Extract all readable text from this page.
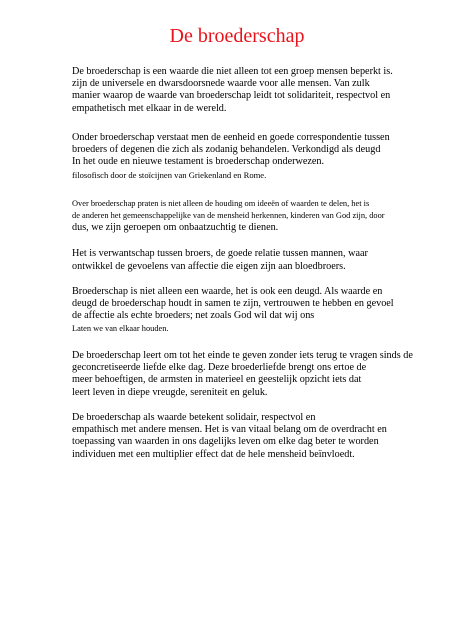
De broederschap
De broederschap is een waarde die niet alleen tot een groep mensen beperkt is.
zijn de universele en dwarsdoorsnede waarde voor alle mensen. Van zulk
manier waarop de waarde van broederschap leidt tot solidariteit, respectvol en
empathetisch met elkaar in de wereld.
Onder broederschap verstaat men de eenheid en goede correspondentie tussen
broeders of degenen die zich als zodanig behandelen. Verkondigd als deugd
In het oude en nieuwe testament is broederschap onderwezen.
filosofisch door de stoïcijnen van Griekenland en Rome.
Over broederschap praten is niet alleen de houding om ideeën of waarden te delen, het is
de anderen het gemeenschappelijke van de mensheid herkennen, kinderen van God zijn, door
dus, we zijn geroepen om onbaatzuchtig te dienen.
Het is verwantschap tussen broers, de goede relatie tussen mannen, waar
ontwikkel de gevoelens van affectie die eigen zijn aan bloedbroers.
Broederschap is niet alleen een waarde, het is ook een deugd. Als waarde en
deugd de broederschap houdt in samen te zijn, vertrouwen te hebben en gevoel
de affectie als echte broeders; net zoals God wil dat wij ons
Laten we van elkaar houden.
De broederschap leert om tot het einde te geven zonder iets terug te vragen sinds de
geconcretiseerde liefde elke dag. Deze broederliefde brengt ons ertoe de
meer behoeftigen, de armsten in materieel en geestelijk opzicht iets dat
leert leven in diepe vreugde, sereniteit en geluk.
De broederschap als waarde betekent solidair, respectvol en
empathisch met andere mensen. Het is van vitaal belang om de overdracht en
toepassing van waarden in ons dagelijks leven om elke dag beter te worden
individuen met een multiplier effect dat de hele mensheid beïnvloedt.
